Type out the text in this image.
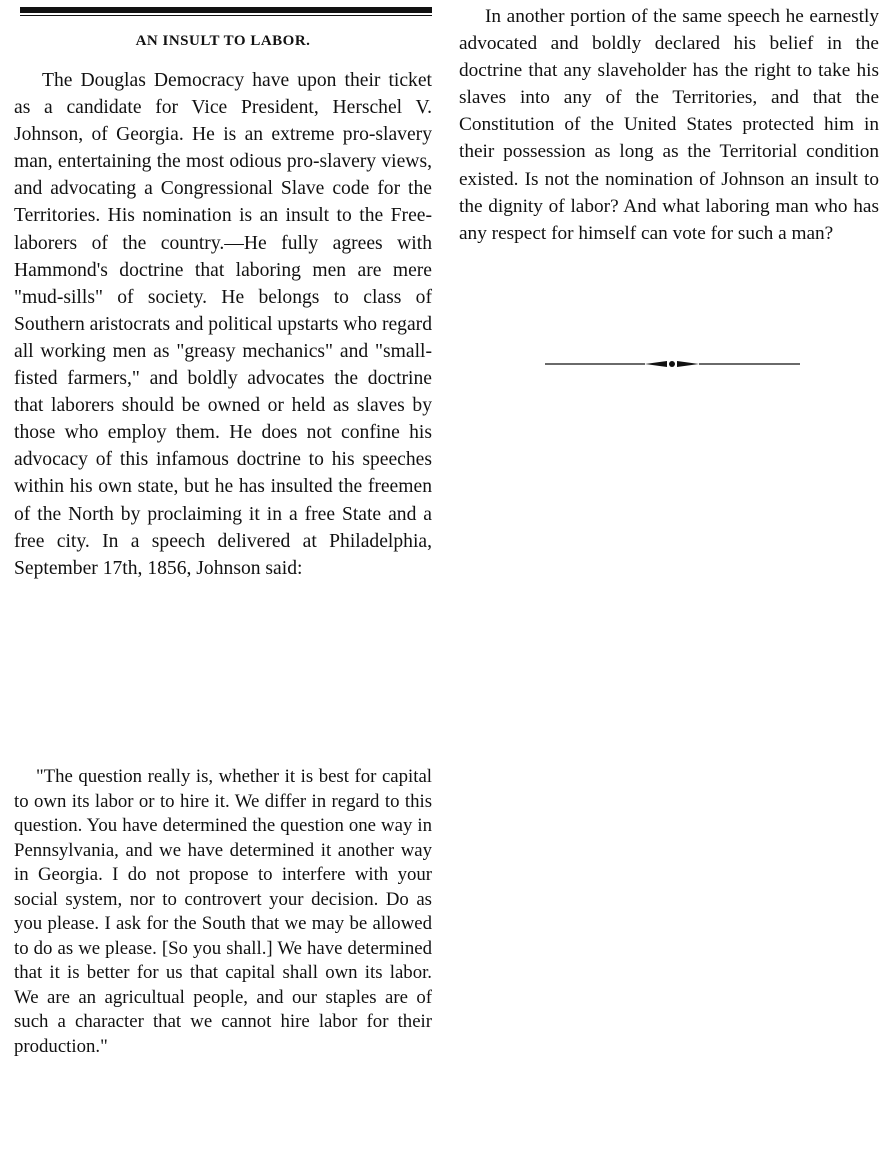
AN INSULT TO LABOR.

The Douglas Democracy have upon their ticket as a candidate for Vice President, Herschel V. Johnson, of Georgia. He is an extreme pro-slavery man, entertaining the most odious pro-slavery views, and advocating a Congressional Slave code for the Territories. His nomination is an insult to the Free-laborers of the country.—He fully agrees with Hammond's doctrine that laboring men are mere "mud-sills" of society. He belongs to class of Southern aristocrats and political upstarts who regard all working men as "greasy mechanics" and "small-fisted farmers," and boldly advocates the doctrine that laborers should be owned or held as slaves by those who employ them. He does not confine his advocacy of this infamous doctrine to his speeches within his own state, but he has insulted the freemen of the North by proclaiming it in a free State and a free city. In a speech delivered at Philadelphia, September 17th, 1856, Johnson said:

"The question really is, whether it is best for capital to own its labor or to hire it. We differ in regard to this question. You have determined the question one way in Pennsylvania, and we have determined it another way in Georgia. I do not propose to interfere with your social system, nor to controvert your decision. Do as you please. I ask for the South that we may be allowed to do as we please. [So you shall.] We have determined that it is better for us that capital shall own its labor. We are an agricultual people, and our staples are of such a character that we cannot hire labor for their production."

In another portion of the same speech he earnestly advocated and boldly declared his belief in the doctrine that any slaveholder has the right to take his slaves into any of the Territories, and that the Constitution of the United States protected him in their possession as long as the Territorial condition existed. Is not the nomination of Johnson an insult to the dignity of labor? And what laboring man who has any respect for himself can vote for such a man?
